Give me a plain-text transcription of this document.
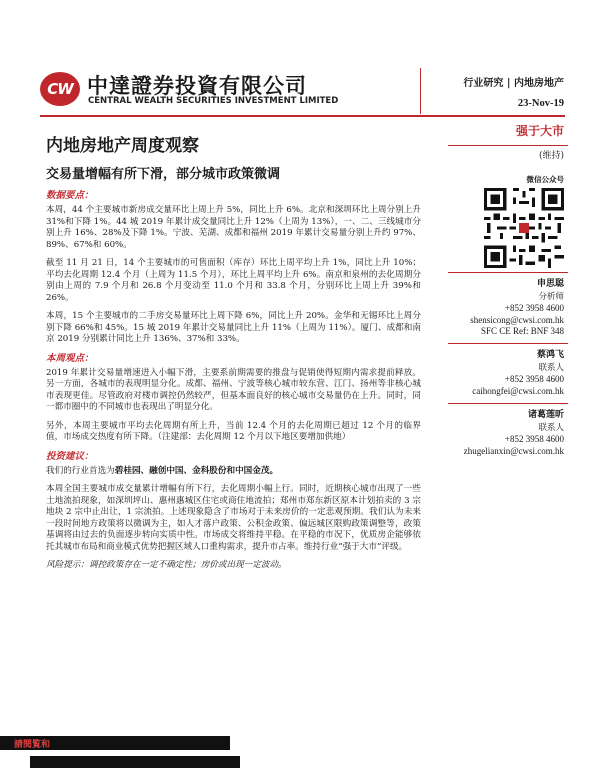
CW 中達證券投資有限公司
CENTRAL WEALTH SECURITIES INVESTMENT LIMITED
行业研究 | 内地房地产
23-Nov-19
内地房地产周度观察
交易量增幅有所下滑，部分城市政策微调
数据要点：

本周，44 个主要城市新房成交量环比上周上升 5%，同比上升 6%。北京和深圳环比上周分别上升 31%和下降 1%。44 城 2019 年累计成交量同比上升 12%（上周为 13%），一、二、三线城市分别上升 16%、28%及下降 1%。宁波、芜湖、成都和福州 2019 年累计交易量分别上升约 97%、89%、67%和 60%。

截至 11 月 21 日，14 个主要城市的可售面积（库存）环比上周平均上升 1%，同比上升 10%；平均去化周期 12.4 个月（上周为 11.5 个月），环比上周平均上升 6%。南京和泉州的去化周期分别由上周的 7.9 个月和 26.8 个月变动至 11.0 个月和 33.8 个月，分别环比上周上升 39%和 26%。

本周，15 个主要城市的二手房交易量环比上周下降 6%，同比上升 20%。金华和无锡环比上周分别下降 66%和 45%。15 城 2019 年累计交易量同比上升 11%（上周为 11%）。厦门、成都和南京 2019 分别累计同比上升 136%、37%和 33%。

本周观点：

2019 年累计交易量增速进入小幅下滑，主要系前期需要的推盘与促销使得短期内需求提前释放。另一方面，各城市的表现明显分化。成都、福州、宁波等核心城市较东营、江门、扬州等非核心城市表现更佳。尽管政府对楼市调控仍然较严，但基本面良好的核心城市交易量仍在上升。同时，同一都市圈中的不同城市也表现出了明显分化。

另外，本周主要城市平均去化周期有所上升，当前 12.4 个月的去化周期已超过 12 个月的临界值，市场成交热度有所下降。（注建部：去化周期 12 个月以下地区要增加供地）

投资建议：

我们的行业首选为碧桂园、融创中国、金科股份和中国金茂。

本周全国主要城市成交量累计增幅有所下行，去化周期小幅上行。同时，近期核心城市出现了一些土地流拍现象，如深圳坪山、惠州惠城区住宅或商住地流拍；郑州市郑东新区原本计划拍卖的 3 宗地块 2 宗中止出让，1 宗流拍。上述现象隐含了市场对于未来房价的一定悲观预期。我们认为未来一段时间地方政策将以微调为主，如人才落户政策、公积金政策、偏远城区限购政策调整等，政策基调将由过去的负面逐步转向实质中性。市场成交将维持平稳。在平稳的市况下，优质房企能够依托其城市布局和商业模式优势把握区域人口重构需求，提升市占率。维持行业“强于大市”评级。

风险提示：调控政策存在一定不确定性；房价或出现一定波动。

强于大市
(维持)
微信公众号
申思聪
分析师
+852 3958 4600
shensicong@cwsi.com.hk
SFC CE Ref: BNF 348
蔡鸿飞
联系人
+852 3958 4600
caihongfei@cwsi.com.hk
诸葛莲昕
联系人
+852 3958 4600
zhugelianxin@cwsi.com.hk
請閱覧和
